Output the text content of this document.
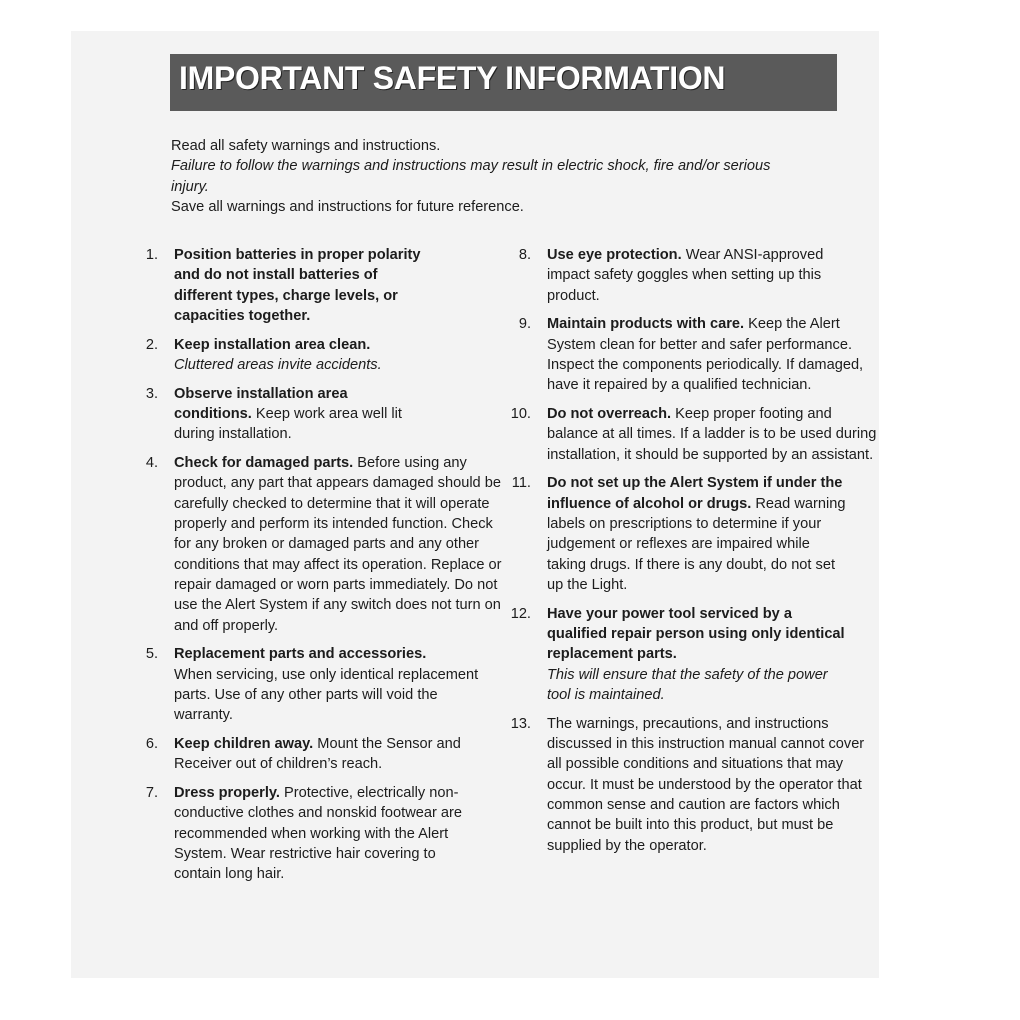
IMPORTANT SAFETY INFORMATION

Read all safety warnings and instructions.

Failure to follow the warnings and instructions may result in electric shock, fire and/or serious injury.

Save all warnings and instructions for future reference.

1. Position batteries in proper polarity and do not install batteries of different types, charge levels, or capacities together.

2. Keep installation area clean.
Cluttered areas invite accidents.

3. Observe installation area conditions. Keep work area well lit during installation.

4. Check for damaged parts. Before using any product, any part that appears damaged should be carefully checked to determine that it will operate properly and perform its intended function. Check for any broken or damaged parts and any other conditions that may affect its operation. Replace or repair damaged or worn parts immediately. Do not use the Alert System if any switch does not turn on and off properly.

5. Replacement parts and accessories.
When servicing, use only identical replacement parts. Use of any other parts will void the warranty.

6. Keep children away. Mount the Sensor and Receiver out of children’s reach.

7. Dress properly. Protective, electrically non-conductive clothes and nonskid footwear are recommended when working with the Alert System. Wear restrictive hair covering to contain long hair.

8. Use eye protection. Wear ANSI-approved impact safety goggles when setting up this product.

9. Maintain products with care. Keep the Alert System clean for better and safer performance. Inspect the components periodically. If damaged, have it repaired by a qualified technician.

10. Do not overreach. Keep proper footing and balance at all times. If a ladder is to be used during installation, it should be supported by an assistant.

11. Do not set up the Alert System if under the influence of alcohol or drugs. Read warning labels on prescriptions to determine if your judgement or reflexes are impaired while taking drugs. If there is any doubt, do not set up the Light.

12. Have your power tool serviced by a qualified repair person using only identical replacement parts.
This will ensure that the safety of the power tool is maintained.

13. The warnings, precautions, and instructions discussed in this instruction manual cannot cover all possible conditions and situations that may occur. It must be understood by the operator that common sense and caution are factors which cannot be built into this product, but must be supplied by the operator.
